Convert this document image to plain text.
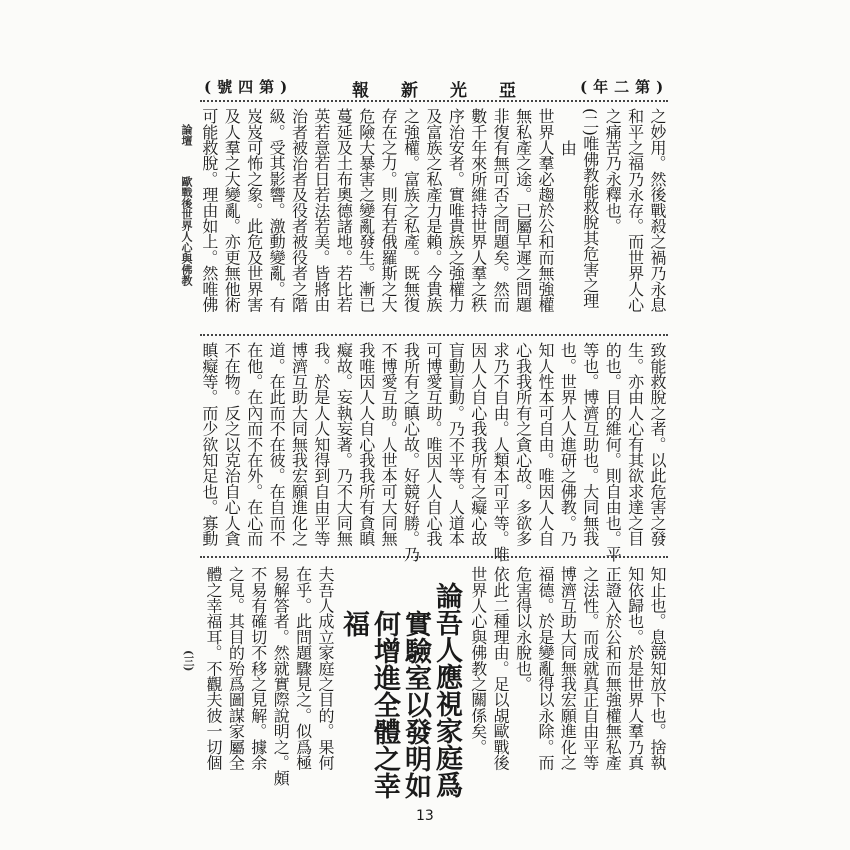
(第二年)
亞光新報
(第四號)
論壇
歐戰後世界人心與佛教
(三)
之妙用。然後戰殺之禍乃永息
和平之福乃永存。而世界人心
之痛苦乃永釋也。
(二)唯佛教能救脫其危害之理
由
世界人羣必趨於公和而無強權
無私產之途。已屬早遲之問題
非復有無可否之問題矣。然而
數千年來所維持世界人羣之秩
序治安者。實唯貴族之強權力
及富族之私產力是賴。今貴族
之強權。富族之私產。既無復
存在之力。則有若俄羅斯之大
危險大暴害之變亂發生。漸已
蔓延及土布奧德諸地。若比若
英若意若日若法若美。皆將由
治者被治者及役者被役者之階
級。受其影響。激動變亂。有
岌岌可怖之象。此危及世界害
及人羣之大變亂。亦更無他術
可能救脫。理由如上。然唯佛
致能救脫之者。以此危害之發
生。亦由人心有其欲求達之目
的也。目的維何。則自由也。平
等也。博濟互助也。大同無我
也。世界人人進研之佛教。乃
知人性本可自由。唯因人人自
心我我所有之貪心故。多欲多
求乃不自由。人類本可平等。唯
因人人自心我我所有之癡心故
盲動盲動。乃不平等。人道本
可博愛互助。唯因人人自心我
我所有之瞋心故。好競好勝。乃
不博愛互助。人世本可大同無
我唯因人人自心我我所有貪瞋
癡故。妄執妄著。乃不大同無
我。於是人人知得到自由平等
博濟互助大同無我宏願進化之
道。在此而不在彼。在自而不
在他。在內而不在外。在心而
不在物。反之以克治自心人貪
瞋癡等。而少欲知足也。寡動
知止也。息競知放下也。捨執
知依歸也。於是世界人羣乃真
正證入於公和而無強權無私產
之法性。而成就真正自由平等
博濟互助大同無我宏願進化之
福德。於是變亂得以永除。而
危害得以永脫也。
依此二種理由。足以覘歐戰後
世界人心與佛教之關係矣。
論吾人應視家庭爲
實驗室以發明如
何增進全體之幸
福
夫吾人成立家庭之目的。果何
在乎。此問題驟見之。似爲極
易解答者。然就實際說明之。頗
不易有確切不移之見解。據余
之見。其目的殆爲圖謀家屬全
體之幸福耳。不觀夫彼一切個
13
